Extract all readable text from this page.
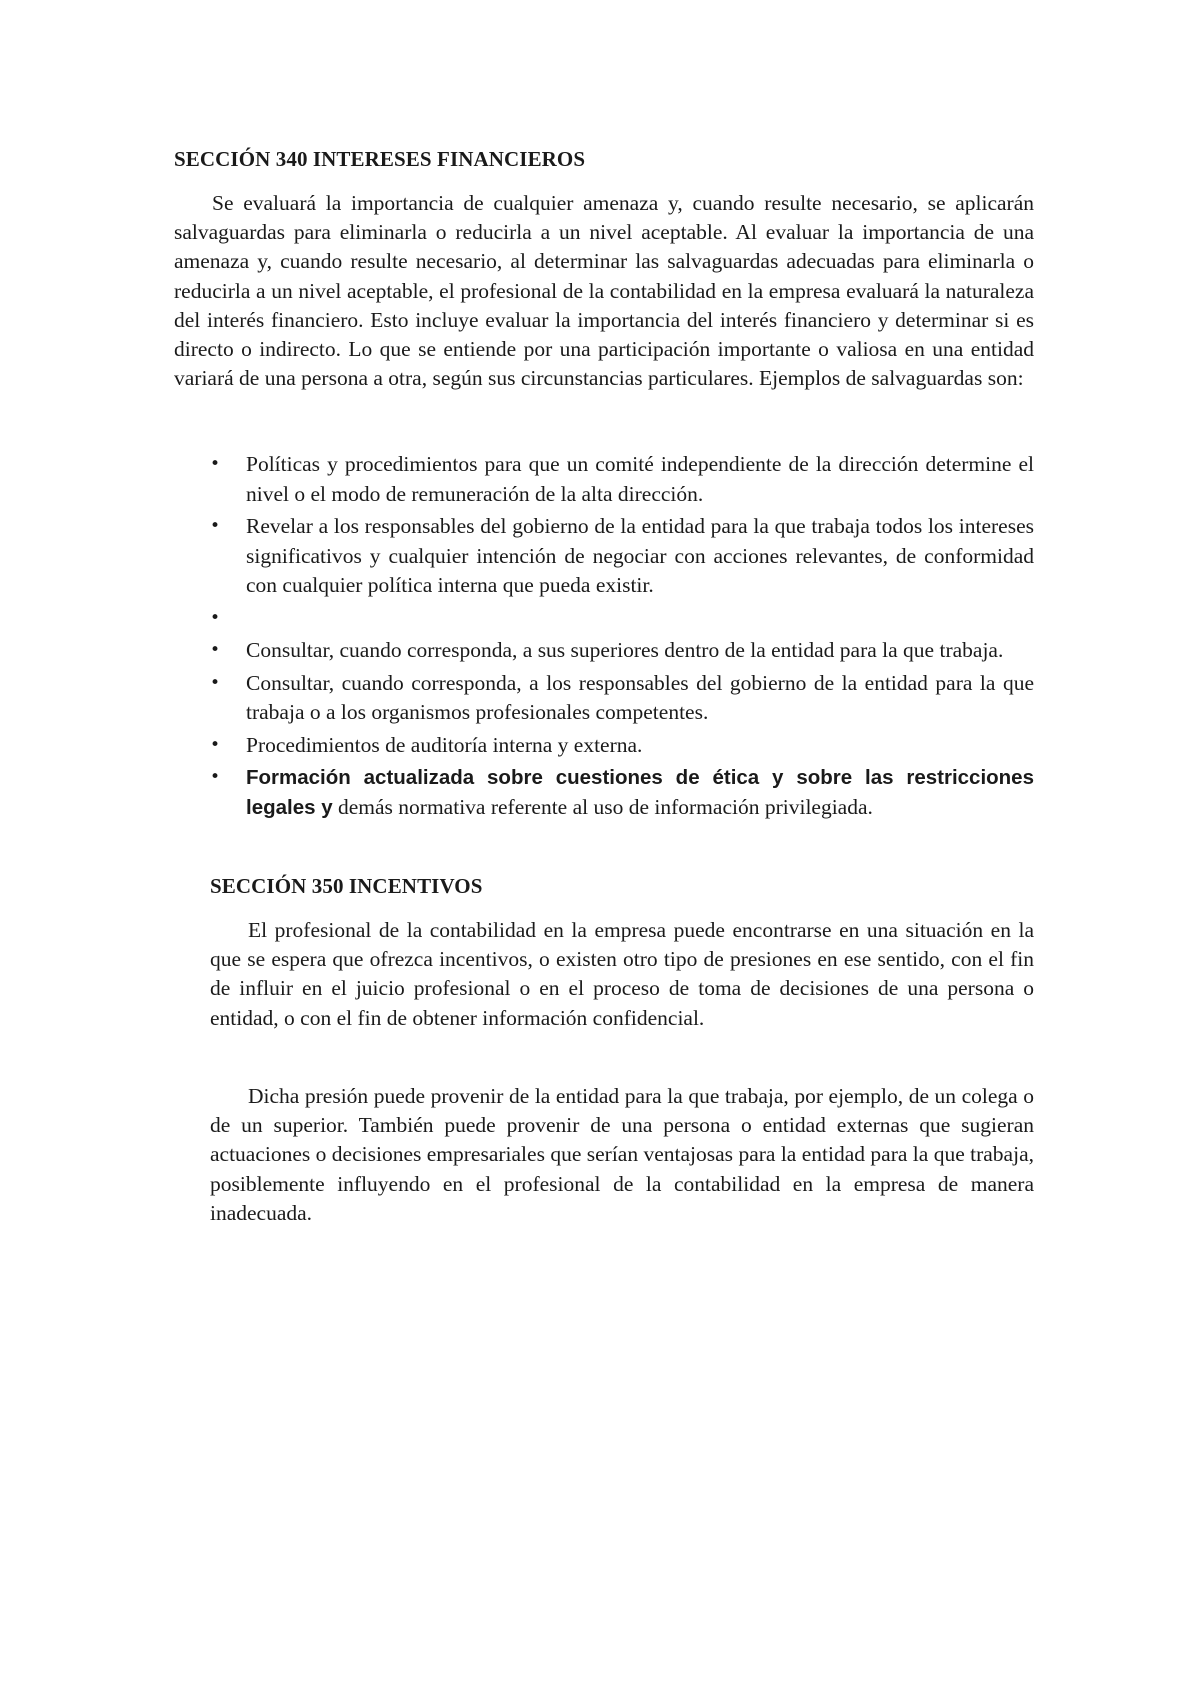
SECCIÓN 340 INTERESES FINANCIEROS

Se evaluará la importancia de cualquier amenaza y, cuando resulte necesario, se aplicarán salvaguardas para eliminarla o reducirla a un nivel aceptable. Al evaluar la importancia de una amenaza y, cuando resulte necesario, al determinar las salvaguardas adecuadas para eliminarla o reducirla a un nivel aceptable, el profesional de la contabilidad en la empresa evaluará la naturaleza del interés financiero. Esto incluye evaluar la importancia del interés financiero y determinar si es directo o indirecto. Lo que se entiende por una participación importante o valiosa en una entidad variará de una persona a otra, según sus circunstancias particulares. Ejemplos de salvaguardas son:

• Políticas y procedimientos para que un comité independiente de la dirección determine el nivel o el modo de remuneración de la alta dirección.
• Revelar a los responsables del gobierno de la entidad para la que trabaja todos los intereses significativos y cualquier intención de negociar con acciones relevantes, de conformidad con cualquier política interna que pueda existir.
•
• Consultar, cuando corresponda, a sus superiores dentro de la entidad para la que trabaja.
• Consultar, cuando corresponda, a los responsables del gobierno de la entidad para la que trabaja o a los organismos profesionales competentes.
• Procedimientos de auditoría interna y externa.
• Formación actualizada sobre cuestiones de ética y sobre las restricciones legales y demás normativa referente al uso de información privilegiada.
SECCIÓN 350 INCENTIVOS

El profesional de la contabilidad en la empresa puede encontrarse en una situación en la que se espera que ofrezca incentivos, o existen otro tipo de presiones en ese sentido, con el fin de influir en el juicio profesional o en el proceso de toma de decisiones de una persona o entidad, o con el fin de obtener información confidencial.

Dicha presión puede provenir de la entidad para la que trabaja, por ejemplo, de un colega o de un superior. También puede provenir de una persona o entidad externas que sugieran actuaciones o decisiones empresariales que serían ventajosas para la entidad para la que trabaja, posiblemente influyendo en el profesional de la contabilidad en la empresa de manera inadecuada.
